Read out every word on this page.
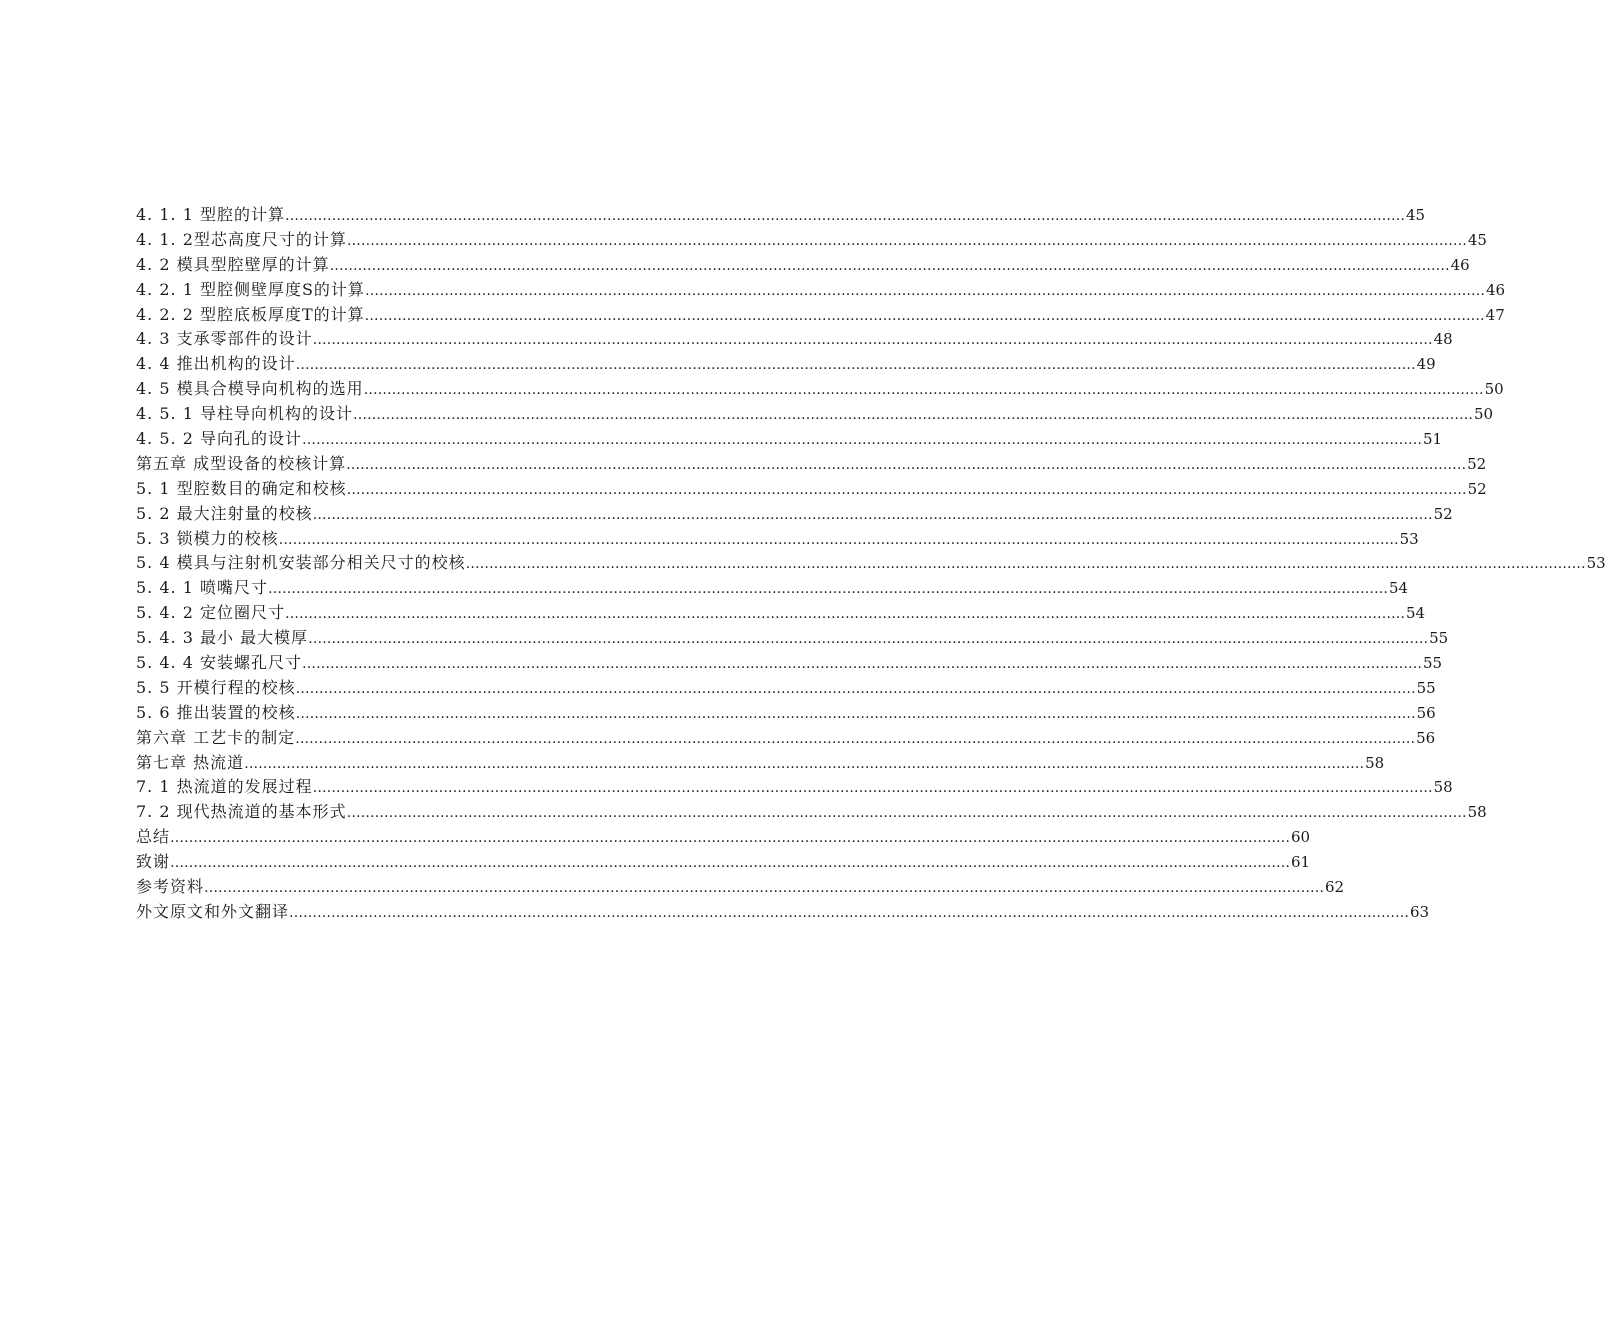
4. 1. 1 型腔的计算 …………………………………………………………………………………………………………………………………………………………………………………………………………………… 45
4. 1. 2型芯高度尺寸的计算 …………………………………………………………………………………………………………………………………………………………………………………………………………………… 45
4. 2 模具型腔壁厚的计算 …………………………………………………………………………………………………………………………………………………………………………………………………………………… 46
4. 2. 1 型腔侧壁厚度S的计算 …………………………………………………………………………………………………………………………………………………………………………………………………………………… 46
4. 2. 2 型腔底板厚度T的计算 …………………………………………………………………………………………………………………………………………………………………………………………………………………… 47
4. 3 支承零部件的设计 …………………………………………………………………………………………………………………………………………………………………………………………………………………… 48
4. 4 推出机构的设计 …………………………………………………………………………………………………………………………………………………………………………………………………………………… 49
4. 5 模具合模导向机构的选用 …………………………………………………………………………………………………………………………………………………………………………………………………………………… 50
4. 5. 1 导柱导向机构的设计 …………………………………………………………………………………………………………………………………………………………………………………………………………………… 50
4. 5. 2 导向孔的设计 …………………………………………………………………………………………………………………………………………………………………………………………………………………… 51
第五章 成型设备的校核计算 …………………………………………………………………………………………………………………………………………………………………………………………………………………… 52
5. 1 型腔数目的确定和校核 …………………………………………………………………………………………………………………………………………………………………………………………………………………… 52
5. 2 最大注射量的校核 …………………………………………………………………………………………………………………………………………………………………………………………………………………… 52
5. 3 锁模力的校核 …………………………………………………………………………………………………………………………………………………………………………………………………………………… 53
5. 4 模具与注射机安装部分相关尺寸的校核 …………………………………………………………………………………………………………………………………………………………………………………………………………………… 53
5. 4. 1 喷嘴尺寸 …………………………………………………………………………………………………………………………………………………………………………………………………………………… 54
5. 4. 2 定位圈尺寸 …………………………………………………………………………………………………………………………………………………………………………………………………………………… 54
5. 4. 3 最小 最大模厚 …………………………………………………………………………………………………………………………………………………………………………………………………………………… 55
5. 4. 4 安装螺孔尺寸 …………………………………………………………………………………………………………………………………………………………………………………………………………………… 55
5. 5 开模行程的校核 …………………………………………………………………………………………………………………………………………………………………………………………………………………… 55
5. 6 推出装置的校核 …………………………………………………………………………………………………………………………………………………………………………………………………………………… 56
第六章 工艺卡的制定 …………………………………………………………………………………………………………………………………………………………………………………………………………………… 56
第七章 热流道 …………………………………………………………………………………………………………………………………………………………………………………………………………………… 58
7. 1 热流道的发展过程 …………………………………………………………………………………………………………………………………………………………………………………………………………………… 58
7. 2 现代热流道的基本形式 …………………………………………………………………………………………………………………………………………………………………………………………………………………… 58
总结 …………………………………………………………………………………………………………………………………………………………………………………………………………………… 60
致谢 …………………………………………………………………………………………………………………………………………………………………………………………………………………… 61
参考资料 …………………………………………………………………………………………………………………………………………………………………………………………………………………… 62
外文原文和外文翻译 …………………………………………………………………………………………………………………………………………………………………………………………………………………… 63
